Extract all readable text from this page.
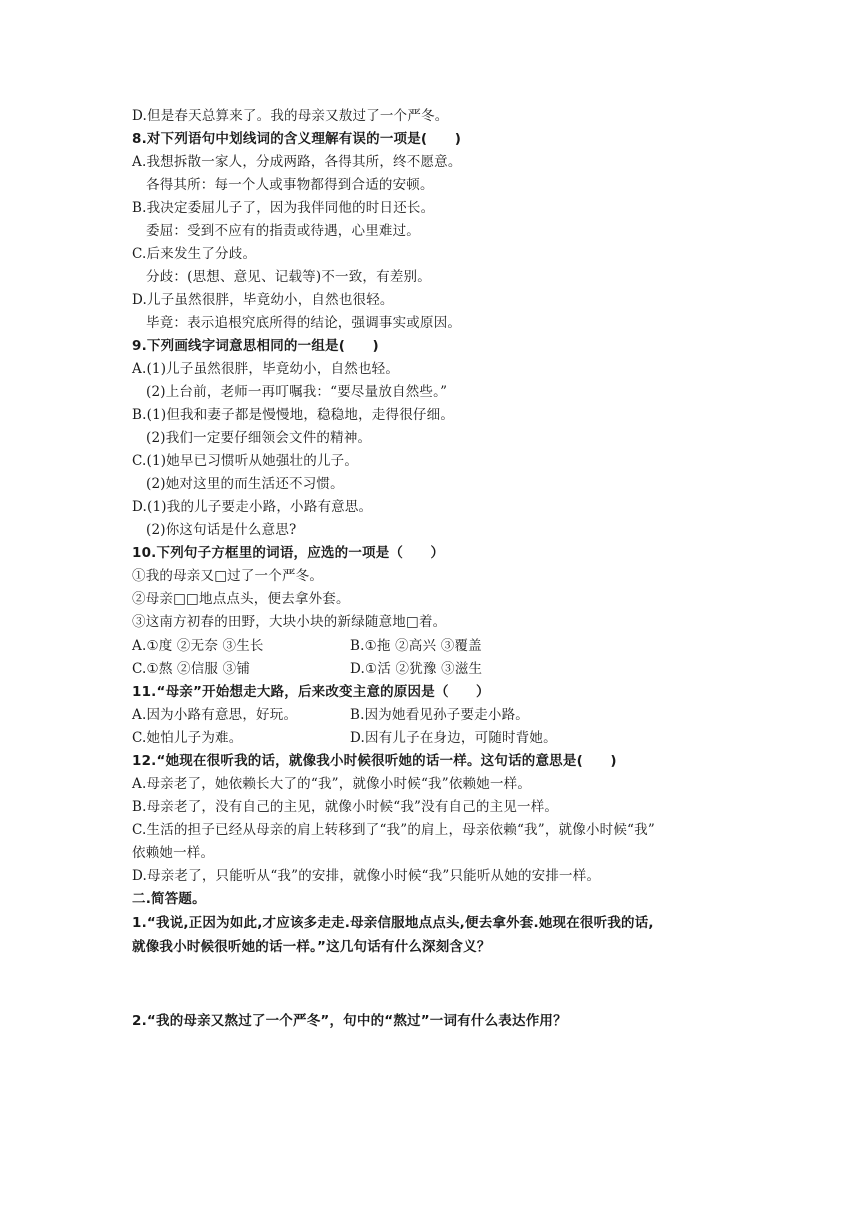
D.但是春天总算来了。我的母亲又敖过了一个严冬。
8.对下列语句中划线词的含义理解有误的一项是(　　)
A.我想拆散一家人，分成两路，各得其所，终不愿意。
各得其所：每一个人或事物都得到合适的安顿。
B.我决定委屈儿子了，因为我伴同他的时日还长。
委屈：受到不应有的指责或待遇，心里难过。
C.后来发生了分歧。
分歧：(思想、意见、记载等)不一致，有差别。
D.儿子虽然很胖，毕竟幼小，自然也很轻。
毕竟：表示追根究底所得的结论，强调事实或原因。
9.下列画线字词意思相同的一组是(　　)
A.(1)儿子虽然很胖，毕竟幼小，自然也轻。
(2)上台前，老师一再叮嘱我：“要尽量放自然些。”
B.(1)但我和妻子都是慢慢地，稳稳地，走得很仔细。
(2)我们一定要仔细领会文件的精神。
C.(1)她早已习惯听从她强壮的儿子。
(2)她对这里的而生活还不习惯。
D.(1)我的儿子要走小路，小路有意思。
(2)你这句话是什么意思?
10.下列句子方框里的词语，应选的一项是（　　）
①我的母亲又□过了一个严冬。
②母亲□□地点点头，便去拿外套。
③这南方初春的田野，大块小块的新绿随意地□着。
A.①度 ②无奈 ③生长	B.①拖 ②高兴 ③覆盖
C.①熬 ②信服 ③铺	D.①活 ②犹豫 ③滋生
11.“母亲”开始想走大路，后来改变主意的原因是（　　）
A.因为小路有意思，好玩。	B.因为她看见孙子要走小路。
C.她怕儿子为难。	D.因有儿子在身边，可随时背她。
12.“她现在很听我的话，就像我小时候很听她的话一样。这句话的意思是(　　)
A.母亲老了，她依赖长大了的“我”，就像小时候“我”依赖她一样。
B.母亲老了，没有自己的主见，就像小时候“我”没有自己的主见一样。
C.生活的担子已经从母亲的肩上转移到了“我”的肩上，母亲依赖“我”，就像小时候“我”
依赖她一样。
D.母亲老了，只能听从“我”的安排，就像小时候“我”只能听从她的安排一样。
二.简答题。
1.“我说,正因为如此,才应该多走走.母亲信服地点点头,便去拿外套.她现在很听我的话,
就像我小时候很听她的话一样。”这几句话有什么深刻含义？
2.“我的母亲又熬过了一个严冬”，句中的“熬过”一词有什么表达作用？
